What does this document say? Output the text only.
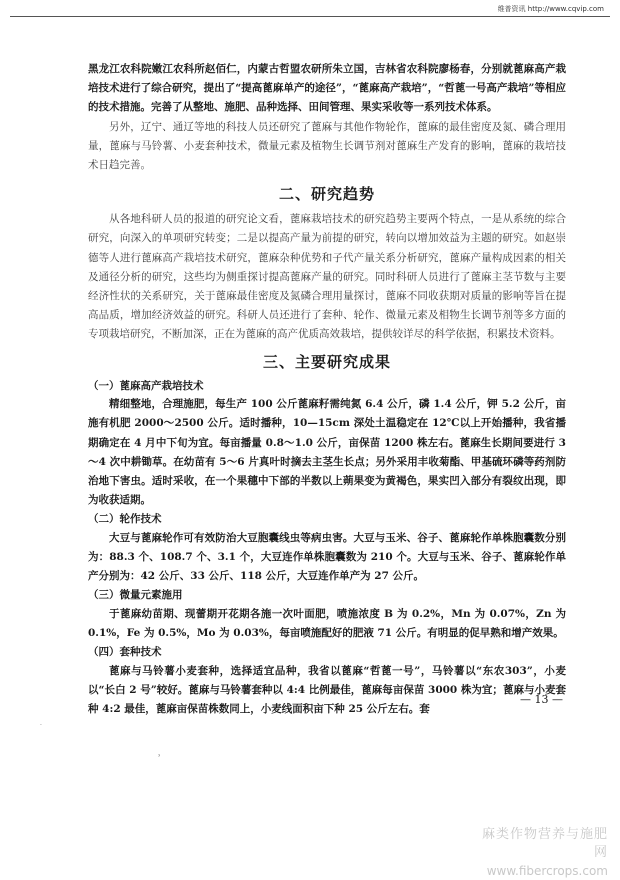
维普资讯 http://www.cqvip.com

黑龙江农科院嫩江农科所赵佰仁，内蒙古哲盟农研所朱立国，吉林省农科院廖杨春，分别就蓖麻高产栽培技术进行了综合研究，提出了“提高蓖麻单产的途径”，“蓖麻高产栽培”，“哲蓖一号高产栽培”等相应的技术措施。完善了从整地、施肥、品种选择、田间管理、果实采收等一系列技术体系。

另外，辽宁、通辽等地的科技人员还研究了蓖麻与其他作物轮作，蓖麻的最佳密度及氮、磷合理用量，蓖麻与马铃薯、小麦套种技术，微量元素及植物生长调节剂对蓖麻生产发育的影响，蓖麻的栽培技术日趋完善。

二、研究趋势

从各地科研人员的报道的研究论文看，蓖麻栽培技术的研究趋势主要两个特点，一是从系统的综合研究，向深入的单项研究转变；二是以提高产量为前提的研究，转向以增加效益为主题的研究。如赵崇德等人进行蓖麻高产栽培技术研究，蓖麻杂种优势和子代产量关系分析研究，蓖麻产量构成因素的相关及通径分析的研究，这些均为侧重探讨提高蓖麻产量的研究。同时科研人员进行了蓖麻主茎节数与主要经济性状的关系研究，关于蓖麻最佳密度及氮磷合理用量探讨，蓖麻不同收获期对质量的影响等旨在提高品质，增加经济效益的研究。科研人员还进行了套种、轮作、微量元素及相物生长调节剂等多方面的专项栽培研究，不断加深，正在为蓖麻的高产优质高效栽培，提供较详尽的科学依据，积累技术资料。

三、主要研究成果
（一）蓖麻高产栽培技术

精细整地，合理施肥，每生产 100 公斤蓖麻籽需纯氮 6.4 公斤，磷 1.4 公斤，钾 5.2 公斤，亩施有机肥 2000～2500 公斤。适时播种，10—15cm 深处土温稳定在 12℃以上开始播种，我省播期确定在 4 月中下旬为宜。每亩播量 0.8～1.0 公斤，亩保苗 1200 株左右。蓖麻生长期间要进行 3～4 次中耕锄草。在幼苗有 5～6 片真叶时摘去主茎生长点；另外采用丰收菊酯、甲基硫环磷等药剂防治地下害虫。适时采收，在一个果穗中下部的半数以上蒴果变为黄褐色，果实凹入部分有裂纹出现，即为收获适期。

（二）轮作技术

大豆与蓖麻轮作可有效防治大豆胞囊线虫等病虫害。大豆与玉米、谷子、蓖麻轮作单株胞囊数分别为：88.3 个、108.7 个、3.1 个，大豆连作单株胞囊数为 210 个。大豆与玉米、谷子、蓖麻轮作单产分别为：42 公斤、33 公斤、118 公斤，大豆连作单产为 27 公斤。

（三）微量元素施用

于蓖麻幼苗期、现蕾期开花期各施一次叶面肥，喷施浓度 B 为 0.2%，Mn 为 0.07%，Zn 为 0.1%，Fe 为 0.5%，Mo 为 0.03%，每亩喷施配好的肥液 71 公斤。有明显的促早熟和增产效果。

（四）套种技术

蓖麻与马铃薯小麦套种，选择适宜品种，我省以蓖麻“哲蓖一号”，马铃薯以“东农303”，小麦以“长白 2 号”较好。蓖麻与马铃薯套种以 4:4 比例最佳，蓖麻每亩保苗 3000 株为宜；蓖麻与小麦套种 4:2 最佳，蓖麻亩保苗株数同上，小麦线面积亩下种 25 公斤左右。套

— 13 —
˒
.
麻类作物营养与施肥网
www.fibercrops.com
